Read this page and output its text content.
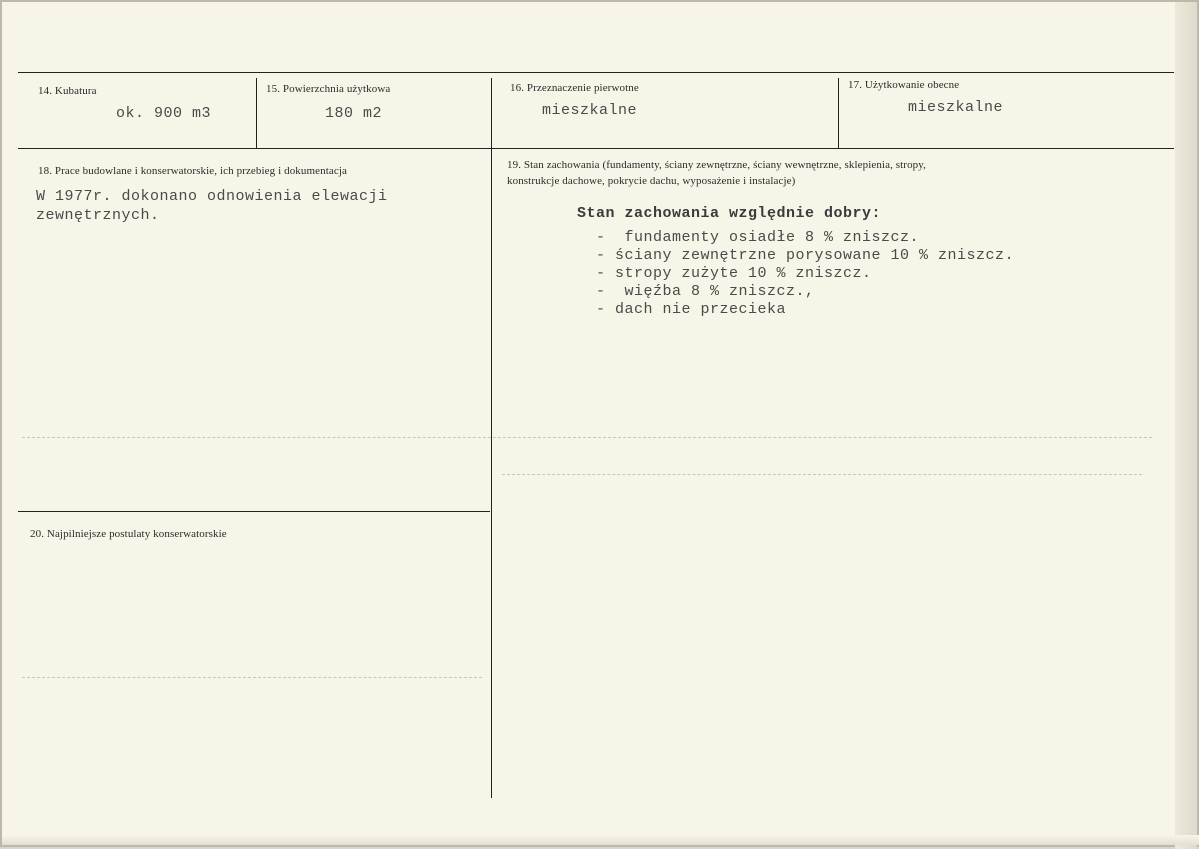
14. Kubatura
ok. 900 m3
15. Powierzchnia użytkowa
180 m2
16. Przeznaczenie pierwotne
mieszkalne
17. Użytkowanie obecne
mieszkalne
18. Prace budowlane i konserwatorskie, ich przebieg i dokumentacja
W 1977r. dokonano odnowienia elewacji
zewnętrznych.
19. Stan zachowania (fundamenty, ściany zewnętrzne, ściany wewnętrzne, sklepienia, stropy,
konstrukcje dachowe, pokrycie dachu, wyposażenie i instalacje)
Stan zachowania względnie dobry:
-  fundamenty osiadłe 8 % zniszcz.
- ściany zewnętrzne porysowane 10 % zniszcz.
- stropy zużyte 10 % zniszcz.
-  więźba 8 % zniszcz.,
- dach nie przecieka
20. Najpilniejsze postulaty konserwatorskie
